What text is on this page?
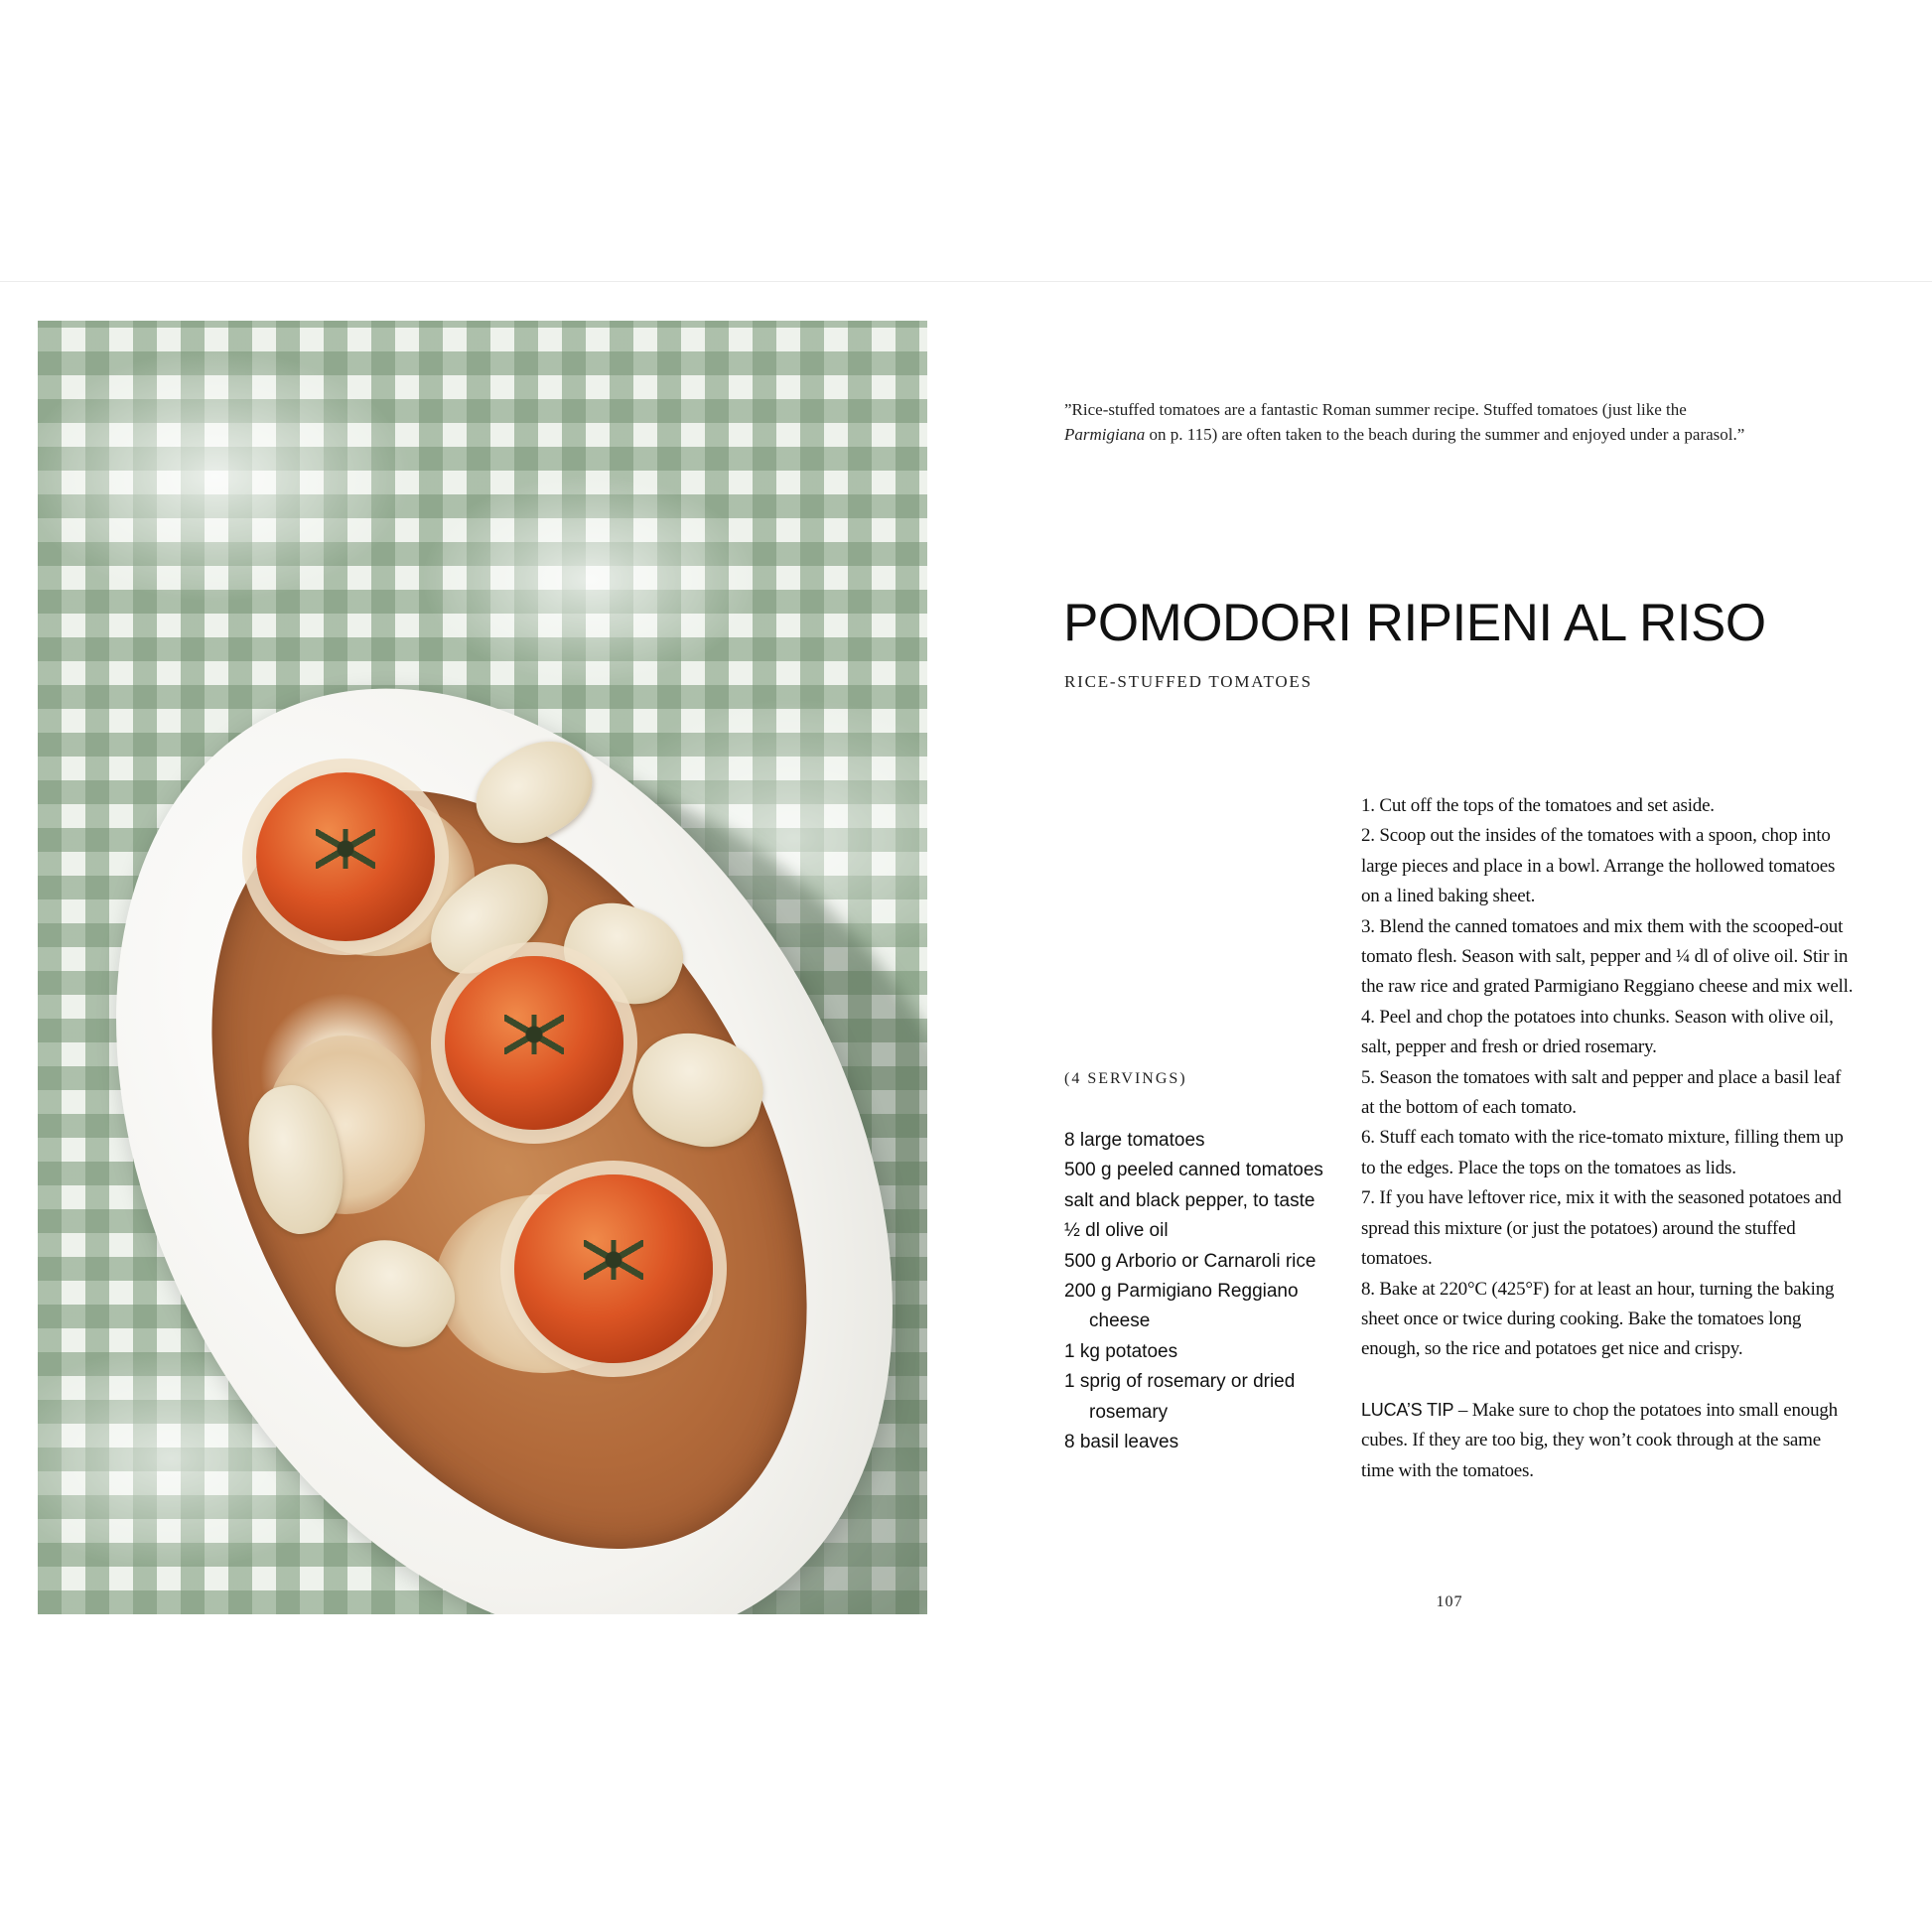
”Rice-stuffed tomatoes are a fantastic Roman summer recipe. Stuffed tomatoes (just like the
Parmigiana on p. 115) are often taken to the beach during the summer and enjoyed under a parasol.”

POMODORI RIPIENI AL RISO
RICE-STUFFED TOMATOES
(4 SERVINGS)
8 large tomatoes
500 g peeled canned tomatoes
salt and black pepper, to taste
½ dl olive oil
500 g Arborio or Carnaroli rice
200 g Parmigiano Reggiano cheese
1 kg potatoes
1 sprig of rosemary or dried rosemary
8 basil leaves

1. Cut off the tops of the tomatoes and set aside.

2. Scoop out the insides of the tomatoes with a spoon, chop into large pieces and place in a bowl. Arrange the hollowed tomatoes on a lined baking sheet.

3. Blend the canned tomatoes and mix them with the scooped-out tomato flesh. Season with salt, pepper and ¼ dl of olive oil. Stir in the raw rice and grated Parmigiano Reggiano cheese and mix well.

4. Peel and chop the potatoes into chunks. Season with olive oil, salt, pepper and fresh or dried rosemary.

5. Season the tomatoes with salt and pepper and place a basil leaf at the bottom of each tomato.

6. Stuff each tomato with the rice-tomato mixture, filling them up to the edges. Place the tops on the tomatoes as lids.

7. If you have leftover rice, mix it with the seasoned potatoes and spread this mixture (or just the potatoes) around the stuffed tomatoes.

8. Bake at 220°C (425°F) for at least an hour, turning the baking sheet once or twice during cooking. Bake the tomatoes long enough, so the rice and potatoes get nice and crispy.

LUCA’S TIP – Make sure to chop the potatoes into small enough cubes. If they are too big, they won’t cook through at the same time with the tomatoes.

107
